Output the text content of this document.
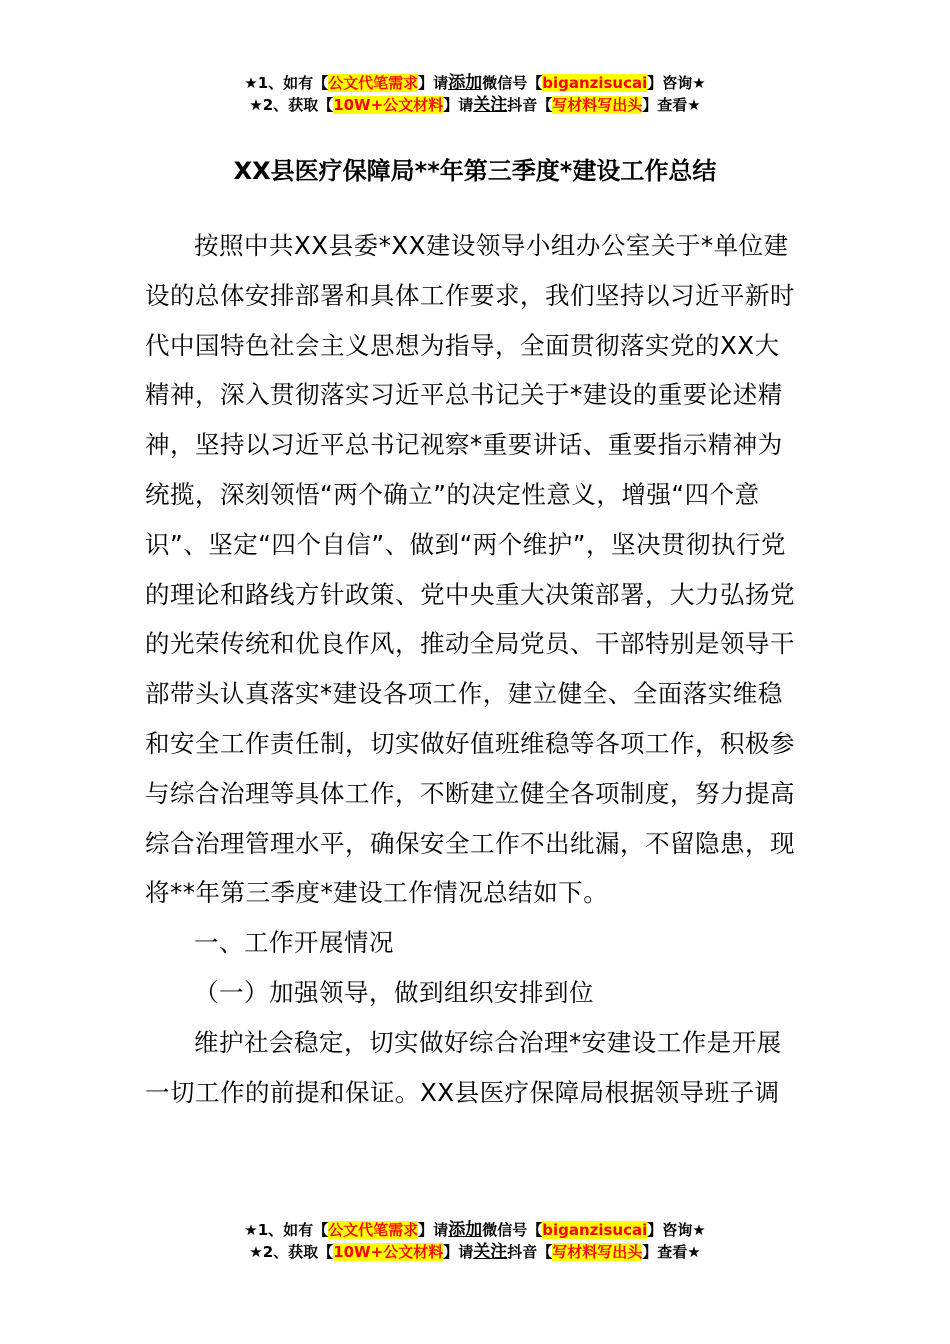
★1、如有【公文代笔需求】请添加微信号【biganzisucai】咨询★
★2、获取【10W+公文材料】请关注抖音【写材料写出头】查看★
XX县医疗保障局**年第三季度*建设工作总结

按照中共XX县委*XX建设领导小组办公室关于*单位建设的总体安排部署和具体工作要求，我们坚持以习近平新时代中国特色社会主义思想为指导，全面贯彻落实党的XX大精神，深入贯彻落实习近平总书记关于*建设的重要论述精神，坚持以习近平总书记视察*重要讲话、重要指示精神为统揽，深刻领悟“两个确立”的决定性意义，增强“四个意识”、坚定“四个自信”、做到“两个维护”，坚决贯彻执行党的理论和路线方针政策、党中央重大决策部署，大力弘扬党的光荣传统和优良作风，推动全局党员、干部特别是领导干部带头认真落实*建设各项工作，建立健全、全面落实维稳和安全工作责任制，切实做好值班维稳等各项工作，积极参与综合治理等具体工作，不断建立健全各项制度，努力提高综合治理管理水平，确保安全工作不出纰漏，不留隐患，现将**年第三季度*建设工作情况总结如下。

一、工作开展情况

（一）加强领导，做到组织安排到位

维护社会稳定，切实做好综合治理*安建设工作是开展一切工作的前提和保证。XX县医疗保障局根据领导班子调

★1、如有【公文代笔需求】请添加微信号【biganzisucai】咨询★
★2、获取【10W+公文材料】请关注抖音【写材料写出头】查看★
